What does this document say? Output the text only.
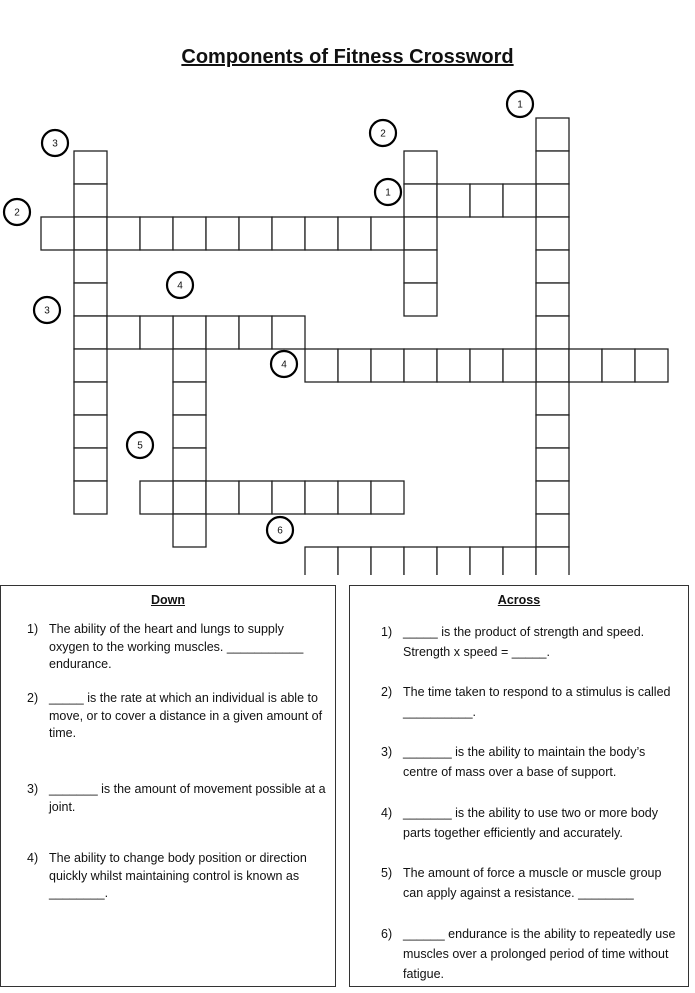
Components of Fitness Crossword
1
2
3
4
1
2
3
4
5
6
Down
1) The ability of the heart and lungs to supply oxygen to the working muscles. ___________ endurance.
2) _____ is the rate at which an individual is able to move, or to cover a distance in a given amount of time.
3) _______ is the amount of movement possible at a joint.
4) The ability to change body position or direction quickly whilst maintaining control is known as ________.
Across
1) _____ is the product of strength and speed. Strength x speed = _____.
2) The time taken to respond to a stimulus is called __________.
3) _______ is the ability to maintain the body’s centre of mass over a base of support.
4) _______ is the ability to use two or more body parts together efficiently and accurately.
5) The amount of force a muscle or muscle group can apply against a resistance. ________
6) ______ endurance is the ability to repeatedly use muscles over a prolonged period of time without fatigue.
